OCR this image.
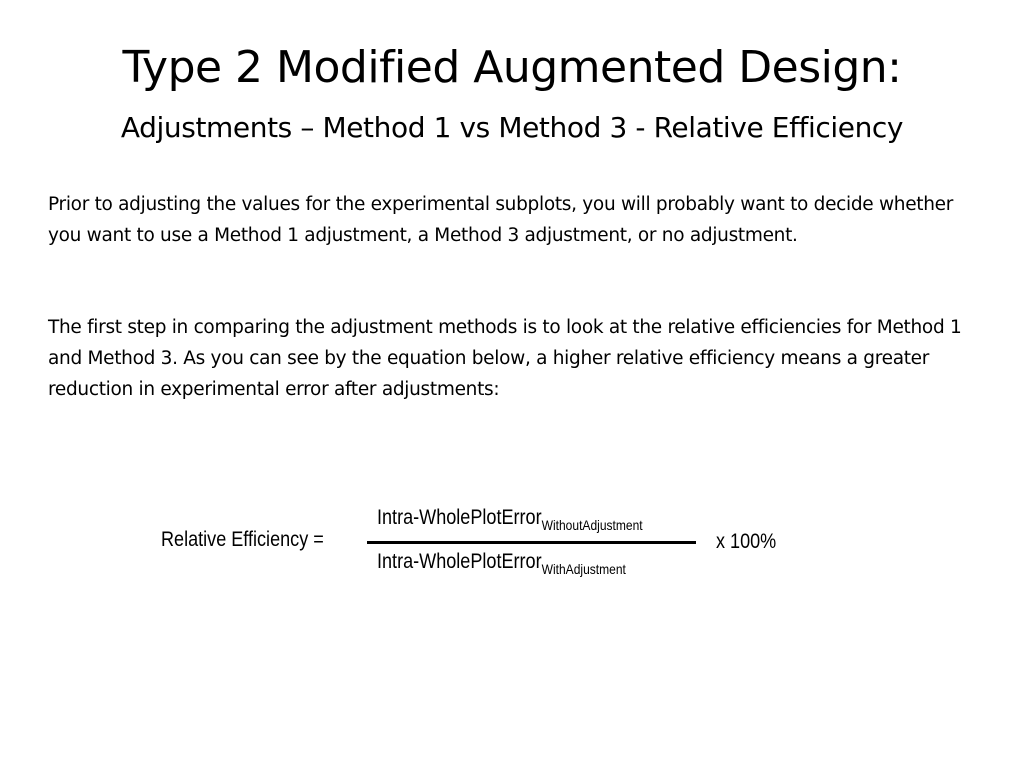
Type 2 Modified Augmented Design:
Adjustments – Method 1 vs Method 3 - Relative Efficiency

Prior to adjusting the values for the experimental subplots, you will probably want to decide whether you want to use a Method 1 adjustment, a Method 3 adjustment, or no adjustment.

The first step in comparing the adjustment methods is to look at the relative efficiencies for Method 1 and Method 3. As you can see by the equation below, a higher relative efficiency means a greater reduction in experimental error after adjustments:

Relative Efficiency =
Intra-WholePlotError$_{WithoutAdjustment}$
Intra-WholePlotError$_{WithAdjustment}$
x 100%
